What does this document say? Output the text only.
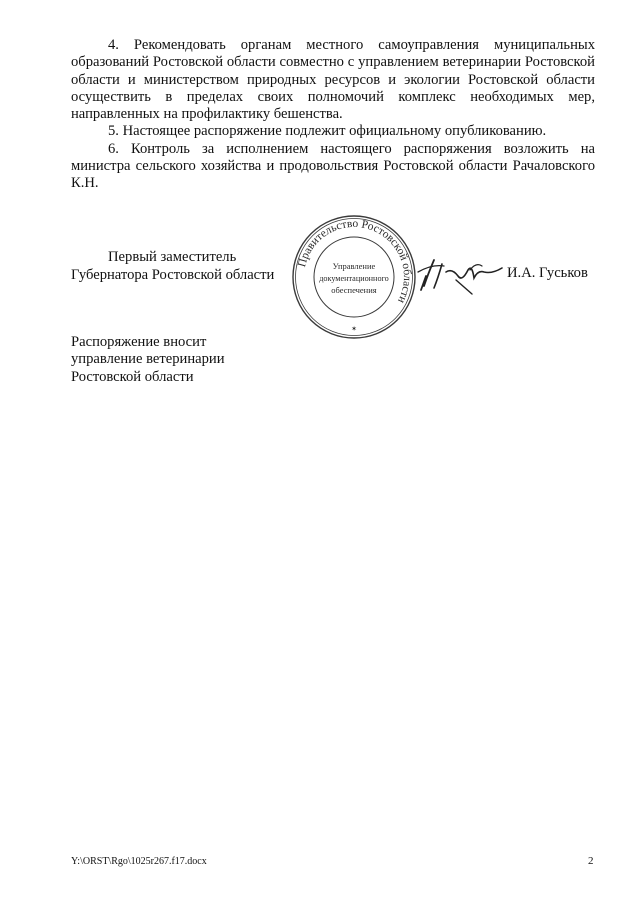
4. Рекомендовать органам местного самоуправления муниципальных образований Ростовской области совместно с управлением ветеринарии Ростовской области и министерством природных ресурсов и экологии Ростовской области осуществить в пределах своих полномочий комплекс необходимых мер, направленных на профилактику бешенства.

5. Настоящее распоряжение подлежит официальному опубликованию.

6. Контроль за исполнением настоящего распоряжения возложить на министра сельского хозяйства и продовольствия Ростовской области Рачаловского К.Н.

Первый заместитель
Губернатора Ростовской области
Правительство Ростовской области
Управление
документационного
обеспечения
✶
И.А. Гуськов
Распоряжение вносит
управление ветеринарии
Ростовской области
Y:\ORST\Rgo\1025r267.f17.docx	2
